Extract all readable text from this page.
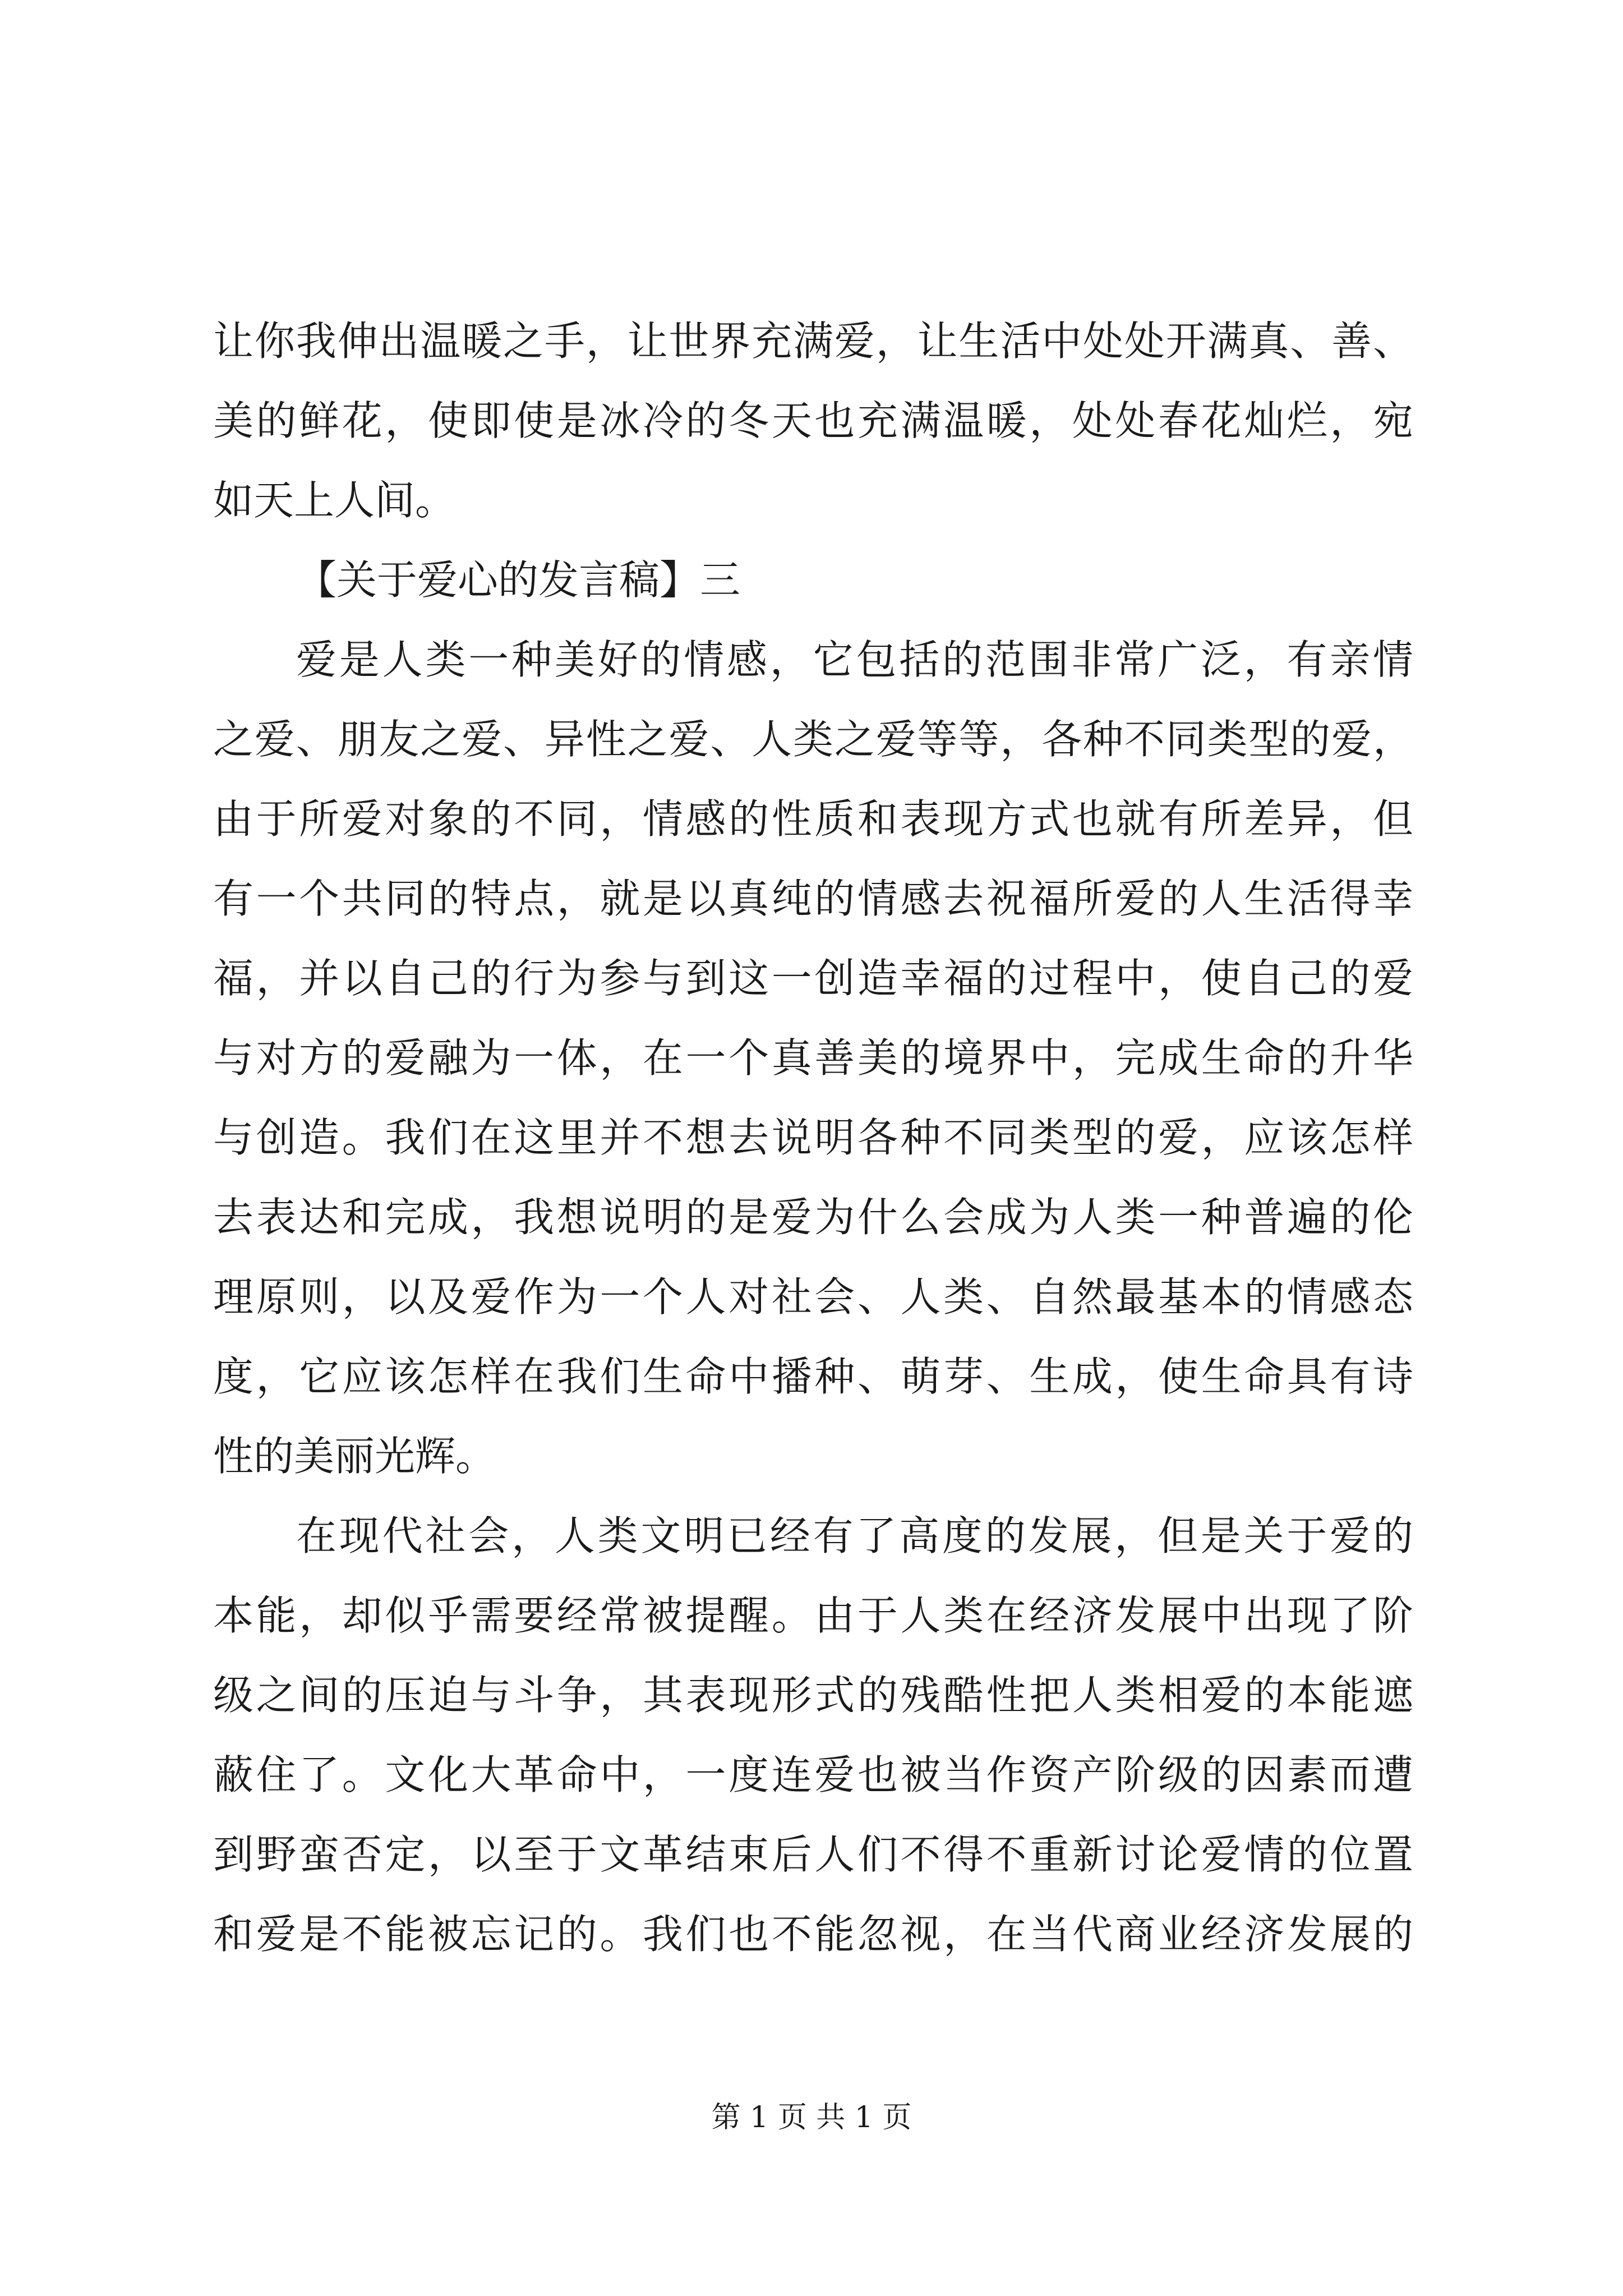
让你我伸出温暖之手，让世界充满爱，让生活中处处开满真、善、
美的鲜花，使即使是冰冷的冬天也充满温暖，处处春花灿烂，宛
如天上人间。
【关于爱心的发言稿】三
爱是人类一种美好的情感，它包括的范围非常广泛，有亲情
之爱、朋友之爱、异性之爱、人类之爱等等，各种不同类型的爱，
由于所爱对象的不同，情感的性质和表现方式也就有所差异，但
有一个共同的特点，就是以真纯的情感去祝福所爱的人生活得幸
福，并以自己的行为参与到这一创造幸福的过程中，使自己的爱
与对方的爱融为一体，在一个真善美的境界中，完成生命的升华
与创造。我们在这里并不想去说明各种不同类型的爱，应该怎样
去表达和完成，我想说明的是爱为什么会成为人类一种普遍的伦
理原则，以及爱作为一个人对社会、人类、自然最基本的情感态
度，它应该怎样在我们生命中播种、萌芽、生成，使生命具有诗
性的美丽光辉。
在现代社会，人类文明已经有了高度的发展，但是关于爱的
本能，却似乎需要经常被提醒。由于人类在经济发展中出现了阶
级之间的压迫与斗争，其表现形式的残酷性把人类相爱的本能遮
蔽住了。文化大革命中，一度连爱也被当作资产阶级的因素而遭
到野蛮否定，以至于文革结束后人们不得不重新讨论爱情的位置
和爱是不能被忘记的。我们也不能忽视，在当代商业经济发展的
第 1 页 共 1 页
